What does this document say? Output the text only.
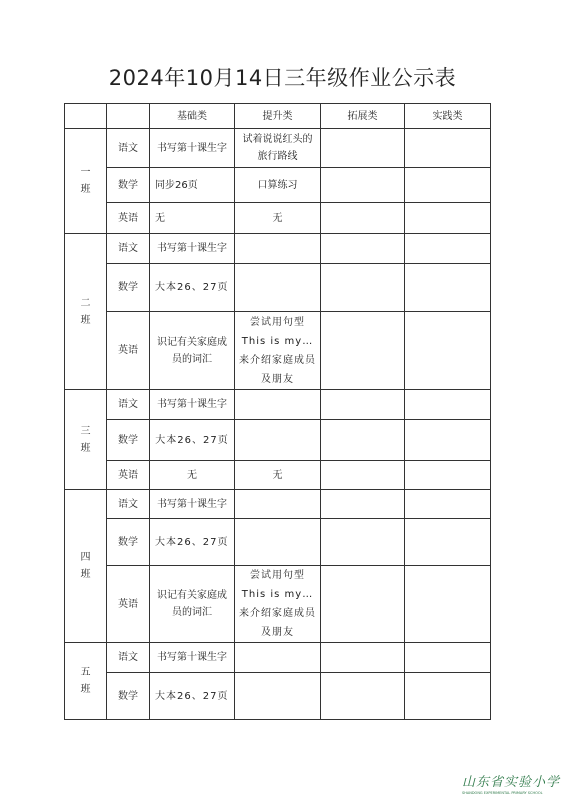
2024年10月14日三年级作业公示表
		基础类	提升类	拓展类	实践类
一
班	语文	书写第十课生字	试着说说红头的旅行路线		
	数学	同步26页	口算练习		
	英语	无	无		
二
班	语文	书写第十课生字			
	数学	大本26、27页			
	英语	识记有关家庭成员的词汇	尝试用句型This is my…来介绍家庭成员及朋友		
三
班	语文	书写第十课生字			
	数学	大本26、27页			
	英语	无	无		
四
班	语文	书写第十课生字			
	数学	大本26、27页			
	英语	识记有关家庭成员的词汇	尝试用句型This is my…来介绍家庭成员及朋友		
五
班	语文	书写第十课生字			
	数学	大本26、27页			
山东省实验小学
SHANDONG EXPERIMENTAL PRIMARY SCHOOL
